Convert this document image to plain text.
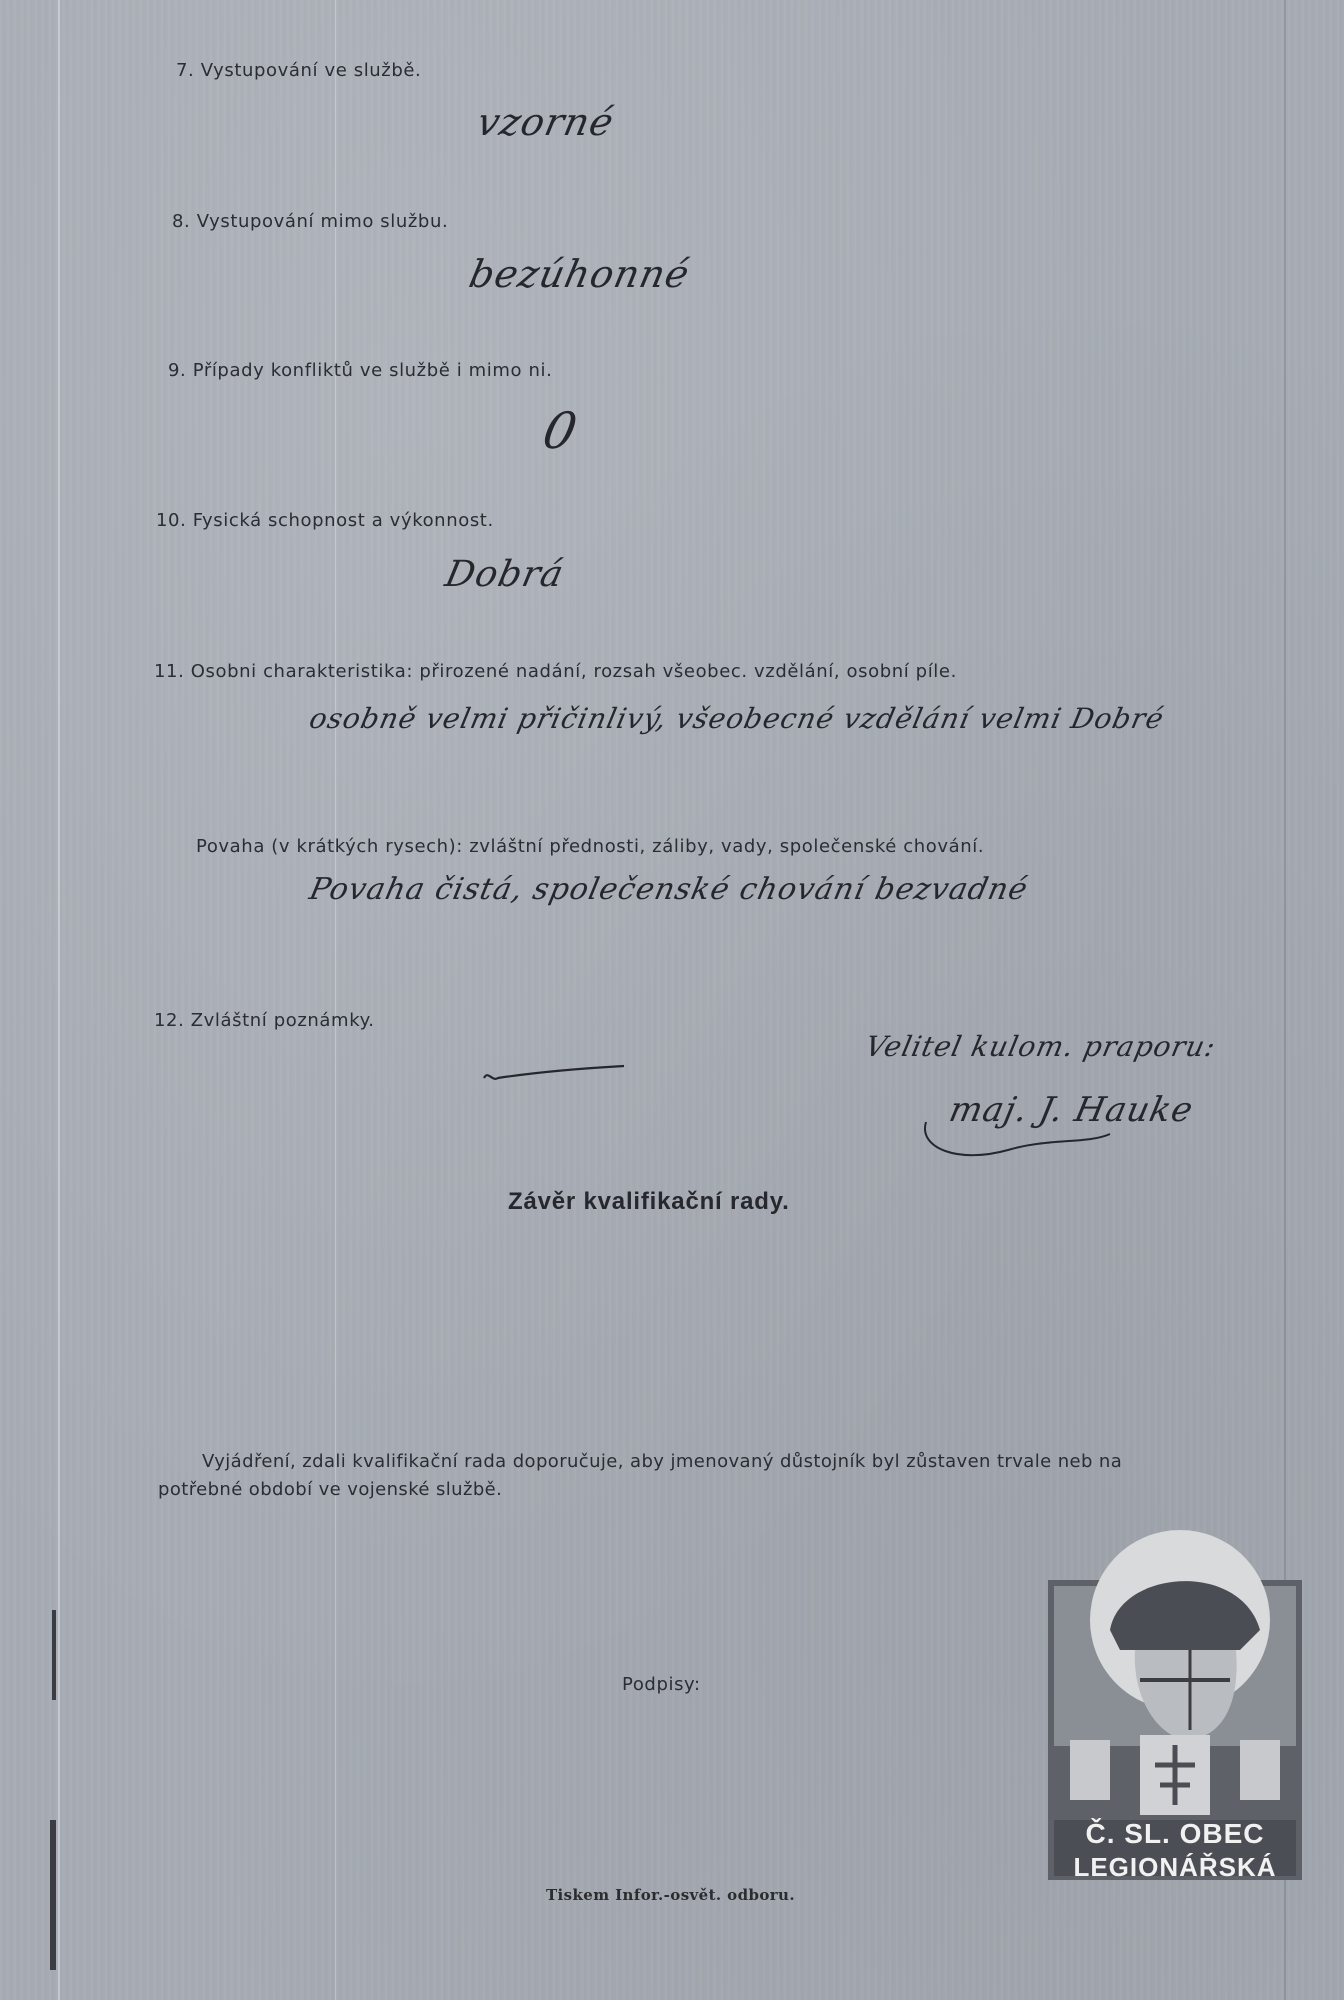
7. Vystupování ve službě.
vzorné
8. Vystupování mimo službu.
bezúhonné
9. Případy konfliktů ve službě i mimo ni.
0
10. Fysická schopnost a výkonnost.
Dobrá
11. Osobni charakteristika: přirozené nadání, rozsah všeobec. vzdělání, osobní píle.
osobně velmi přičinlivý, všeobecné vzdělání velmi Dobré
Povaha (v krátkých rysech): zvláštní přednosti, záliby, vady, společenské chování.
Povaha čistá, společenské chování bezvadné
12. Zvláštní poznámky.
Velitel kulom. praporu:
maj. J. Hauke
Závěr kvalifikační rady.
Vyjádření, zdali kvalifikační rada doporučuje, aby jmenovaný důstojník byl zůstaven trvale neb na potřebné období ve vojenské službě.
Podpisy:
Tiskem Infor.-osvět. odboru.
Č. SL. OBEC
LEGIONÁŘSKÁ
